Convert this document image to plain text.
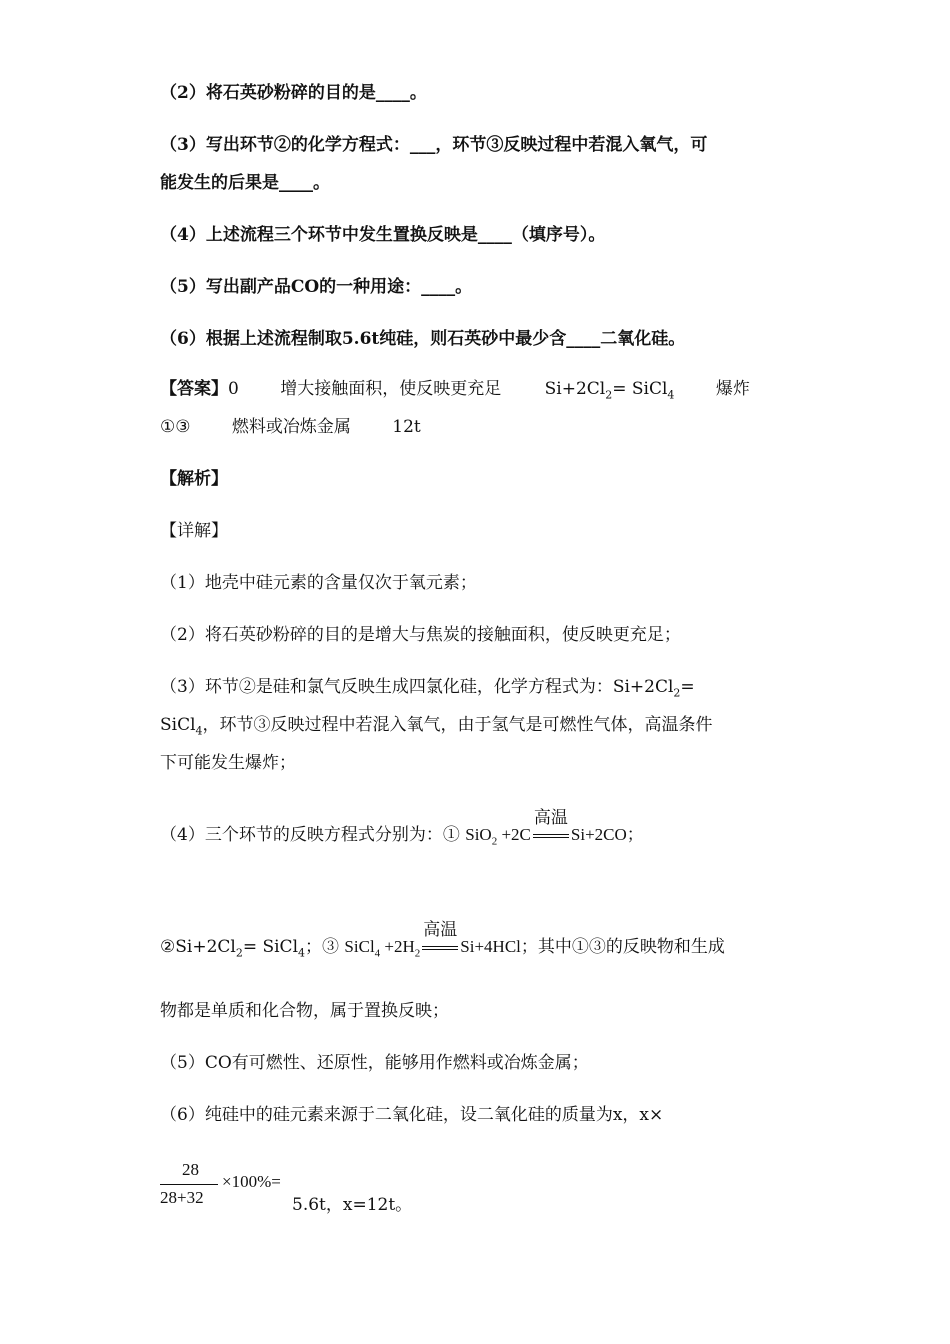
（2）将石英砂粉碎的目的是____。
（3）写出环节②的化学方程式：___，环节③反映过程中若混入氧气，可
能发生的后果是____。
（4）上述流程三个环节中发生置换反映是____（填序号）。
（5）写出副产品CO的一种用途：____。
（6）根据上述流程制取5.6t纯硅，则石英砂中最少含____二氧化硅。
【答案】0 增大接触面积，使反映更充足	$Si+2Cl_2=$ SiCl$_4$ 爆炸
①③ 燃料或冶炼金属 12t
【解析】
【详解】
（1）地壳中硅元素的含量仅次于氧元素；
（2）将石英砂粉碎的目的是增大与焦炭的接触面积，使反映更充足；
（3）环节②是硅和氯气反映生成四氯化硅，化学方程式为：$Si+2Cl_2=$
SiCl$_4$，环节③反映过程中若混入氧气，由于氢气是可燃性气体，高温条件
下可能发生爆炸；
（4）三个环节的反映方程式分别为：① SiO$_2$ +2C
高温
Si+2CO；
$②Si+2Cl_2=$ SiCl$_4$；③ SiCl$_4$ $+2H_2$
高温
Si+4HCl；其中①③的反映物和生成
物都是单质和化合物，属于置换反映；
（5）CO有可燃性、还原性，能够用作燃料或冶炼金属；
（6）纯硅中的硅元素来源于二氧化硅，设二氧化硅的质量为x，x×
28
28+32
×100%=
5.6t，x=12t。
